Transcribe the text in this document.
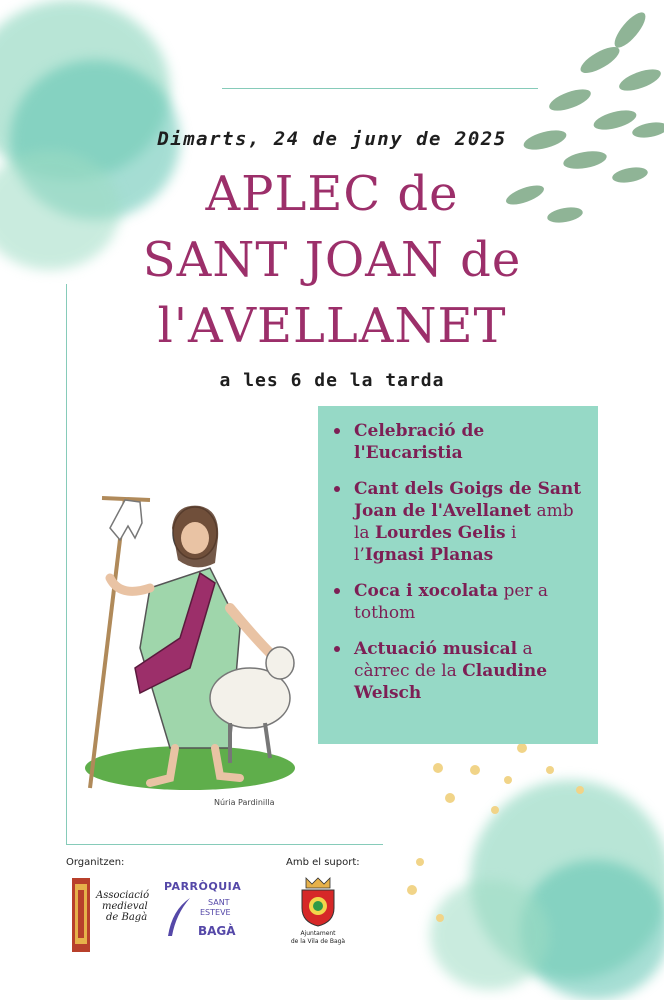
Dimarts, 24 de juny de 2025
APLEC de
SANT JOAN de
l'AVELLANET
a les 6 de la tarda
Núria Pardinilla
Celebració de l'Eucaristia
Cant dels Goigs de Sant Joan de l'Avellanet amb la Lourdes Gelis i l’Ignasi Planas
Coca i xocolata per a tothom
Actuació musical a càrrec de la Claudine Welsch
Organitzen:	Amb el suport:
Associació
medieval
de Bagà
PARRÒQUIA
SANT
ESTEVE
BAGÀ	Ajuntament
de la Vila de Bagà
